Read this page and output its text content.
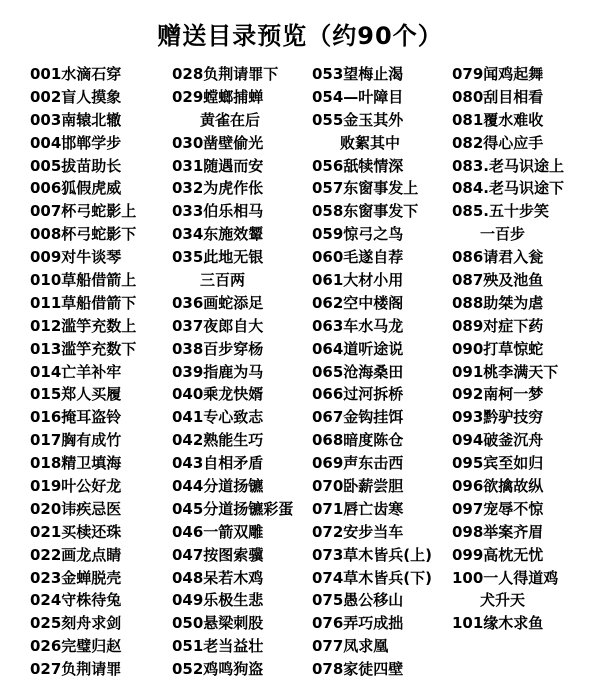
赠送目录预览（约90个）
001水滴石穿
002盲人摸象
003南辕北辙
004邯郸学步
005拔苗助长
006狐假虎威
007杯弓蛇影上
008杯弓蛇影下
009对牛谈琴
010草船借箭上
011草船借箭下
012滥竽充数上
013滥竽充数下
014亡羊补牢
015郑人买履
016掩耳盗铃
017胸有成竹
018精卫填海
019叶公好龙
020讳疾忌医
021买椟还珠
022画龙点睛
023金蝉脱壳
024守株待兔
025刻舟求剑
026完璧归赵
027负荆请罪
028负荆请罪下
029螳螂捕蝉
黄雀在后
030凿壁偷光
031随遇而安
032为虎作伥
033伯乐相马
034东施效颦
035此地无银
三百两
036画蛇添足
037夜郎自大
038百步穿杨
039指鹿为马
040乘龙快婿
041专心致志
042熟能生巧
043自相矛盾
044分道扬镳
045分道扬镳彩蛋
046一箭双雕
047按图索骥
048呆若木鸡
049乐极生悲
050悬梁刺股
051老当益壮
052鸡鸣狗盗
053望梅止渴
054—叶障目
055金玉其外
败絮其中
056舐犊情深
057东窗事发上
058东窗事发下
059惊弓之鸟
060毛遂自荐
061大材小用
062空中楼阁
063车水马龙
064道听途说
065沧海桑田
066过河拆桥
067金钩挂饵
068暗度陈仓
069声东击西
070卧薪尝胆
071唇亡齿寒
072安步当车
073草木皆兵(上)
074草木皆兵(下)
075愚公移山
076弄巧成拙
077凤求凰
078家徒四壁
079闻鸡起舞
080刮目相看
081覆水难收
082得心应手
083.老马识途上
084.老马识途下
085.五十步笑
一百步
086请君入瓮
087殃及池鱼
088助桀为虐
089对症下药
090打草惊蛇
091桃李满天下
092南柯一梦
093黔驴技穷
094破釜沉舟
095宾至如归
096欲擒故纵
097宠辱不惊
098举案齐眉
099高枕无忧
100一人得道鸡
犬升天
101缘木求鱼
